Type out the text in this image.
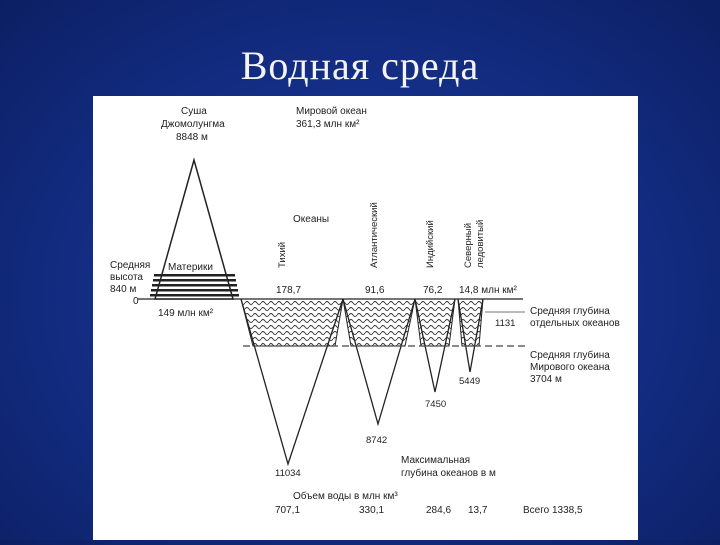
Водная среда
Суша
Джомолунгма
8848 м
Мировой океан
361,3 млн км²
Океаны
Тихий	Атлантический	Индийский	Северный ледовитый
Средняя
высота
840 м
0
Материки
149 млн км²
178,7	91,6	76,2 14,8 млн км²
Средняя глубина
отдельных океанов
1131
Средняя глубина
Мирового океана
3704 м
5449
7450
8742
11034
Максимальная
глубина океанов в м
Объем воды в млн км³
707,1	330,1	284,6 13,7	Всего 1338,5
